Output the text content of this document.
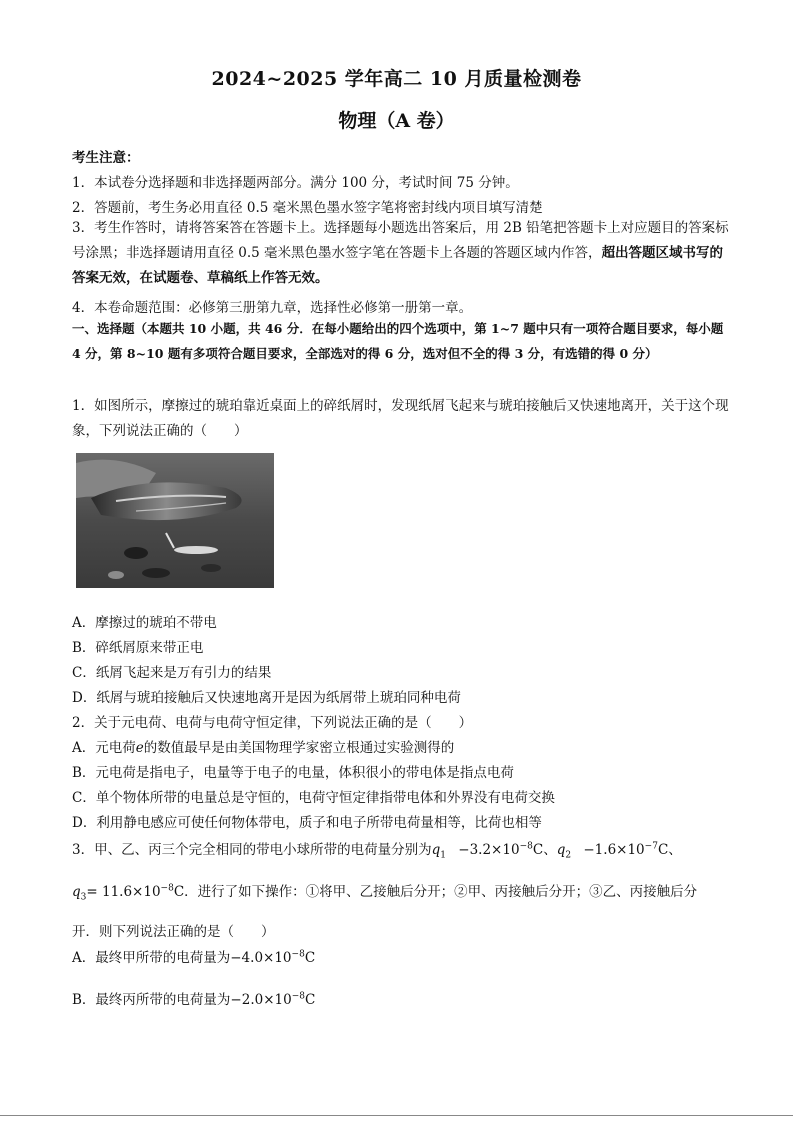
2024~2025 学年高二 10 月质量检测卷
物理（A 卷）
考生注意：
1．本试卷分选择题和非选择题两部分。满分 100 分，考试时间 75 分钟。
2．答题前，考生务必用直径 0.5 毫米黑色墨水签字笔将密封线内项目填写清楚
3．考生作答时，请将答案答在答题卡上。选择题每小题选出答案后，用 2B 铅笔把答题卡上对应题目的答案标号涂黑；非选择题请用直径 0.5 毫米黑色墨水签字笔在答题卡上各题的答题区域内作答，超出答题区域书写的答案无效，在试题卷、草稿纸上作答无效。
4．本卷命题范围：必修第三册第九章，选择性必修第一册第一章。
一、选择题（本题共 10 小题，共 46 分．在每小题给出的四个选项中，第 1~7 题中只有一项符合题目要求，每小题 4 分，第 8~10 题有多项符合题目要求，全部选对的得 6 分，选对但不全的得 3 分，有选错的得 0 分）
1．如图所示，摩擦过的琥珀靠近桌面上的碎纸屑时，发现纸屑飞起来与琥珀接触后又快速地离开，关于这个现象，下列说法正确的（　　）
A．摩擦过的琥珀不带电
B．碎纸屑原来带正电
C．纸屑飞起来是万有引力的结果
D．纸屑与琥珀接触后又快速地离开是因为纸屑带上琥珀同种电荷
2．关于元电荷、电荷与电荷守恒定律，下列说法正确的是（　　）
A．元电荷e的数值最早是由美国物理学家密立根通过实验测得的
B．元电荷是指电子，电量等于电子的电量，体积很小的带电体是指点电荷
C．单个物体所带的电量总是守恒的，电荷守恒定律指带电体和外界没有电荷交换
D．利用静电感应可使任何物体带电，质子和电子所带电荷量相等，比荷也相等
3．甲、乙、丙三个完全相同的带电小球所带的电荷量分别为$q_1 -3.2\times 10^{-8}C$、$q_2 -1.6\times 10^{-7}C$、
$q_3= 11.6\times 10^{-8}C$．进行了如下操作：①将甲、乙接触后分开；②甲、丙接触后分开；③乙、丙接触后分
开．则下列说法正确的是（　　）
A．最终甲所带的电荷量为$-4.0\times 10^{-8}C$
B．最终丙所带的电荷量为$-2.0\times 10^{-8}C$
